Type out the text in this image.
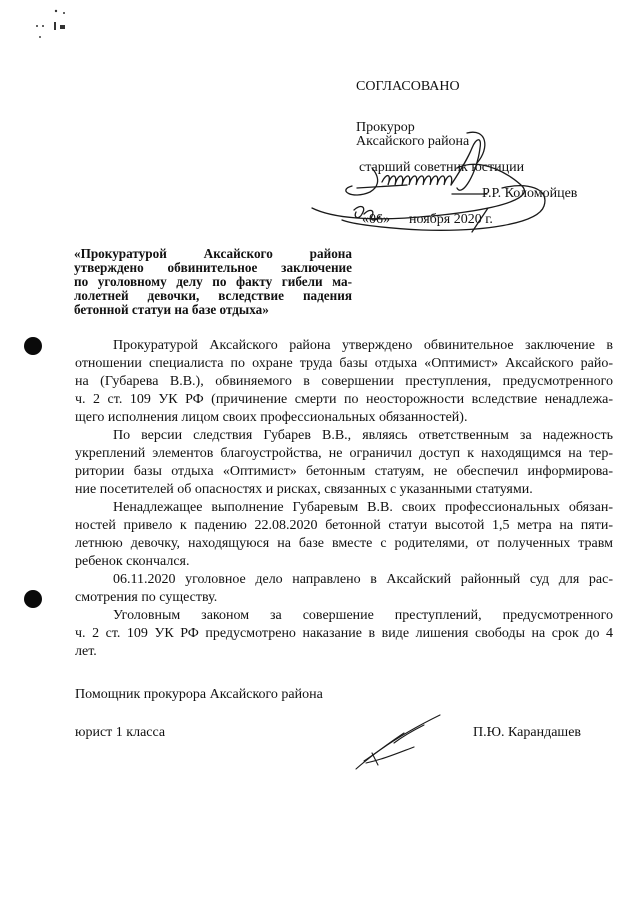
СОГЛАСОВАНО
Прокурор
Аксайского района
старший советник юстиции
Р.Р. Коломойцев
«06» ноября 2020 г.

«Прокуратурой Аксайского района

утверждено обвинительное заключение

по уголовному делу по факту гибели ма-

лолетней девочки, вследствие падения

бетонной статуи на базе отдыха»

Прокуратурой Аксайского района утверждено обвинительное заключение в
отношении специалиста по охране труда базы отдыха «Оптимист» Аксайского райо-
на (Губарева В.В.), обвиняемого в совершении преступления, предусмотренного
ч. 2 ст. 109 УК РФ (причинение смерти по неосторожности вследствие ненадлежа-
щего исполнения лицом своих профессиональных обязанностей).
По версии следствия Губарев В.В., являясь ответственным за надежность
укреплений элементов благоустройства, не ограничил доступ к находящимся на тер-
ритории базы отдыха «Оптимист» бетонным статуям, не обеспечил информирова-
ние посетителей об опасностях и рисках, связанных с указанными статуями.
Ненадлежащее выполнение Губаревым В.В. своих профессиональных обязан-
ностей привело к падению 22.08.2020 бетонной статуи высотой 1,5 метра на пяти-
летнюю девочку, находящуюся на базе вместе с родителями, от полученных травм
ребенок скончался.
06.11.2020 уголовное дело направлено в Аксайский районный суд для рас-
смотрения по существу.
Уголовным законом за совершение преступлений, предусмотренного
ч. 2 ст. 109 УК РФ предусмотрено наказание в виде лишения свободы на срок до 4
лет.
Помощник прокурора Аксайского района
юрист 1 класса	П.Ю. Карандашев
